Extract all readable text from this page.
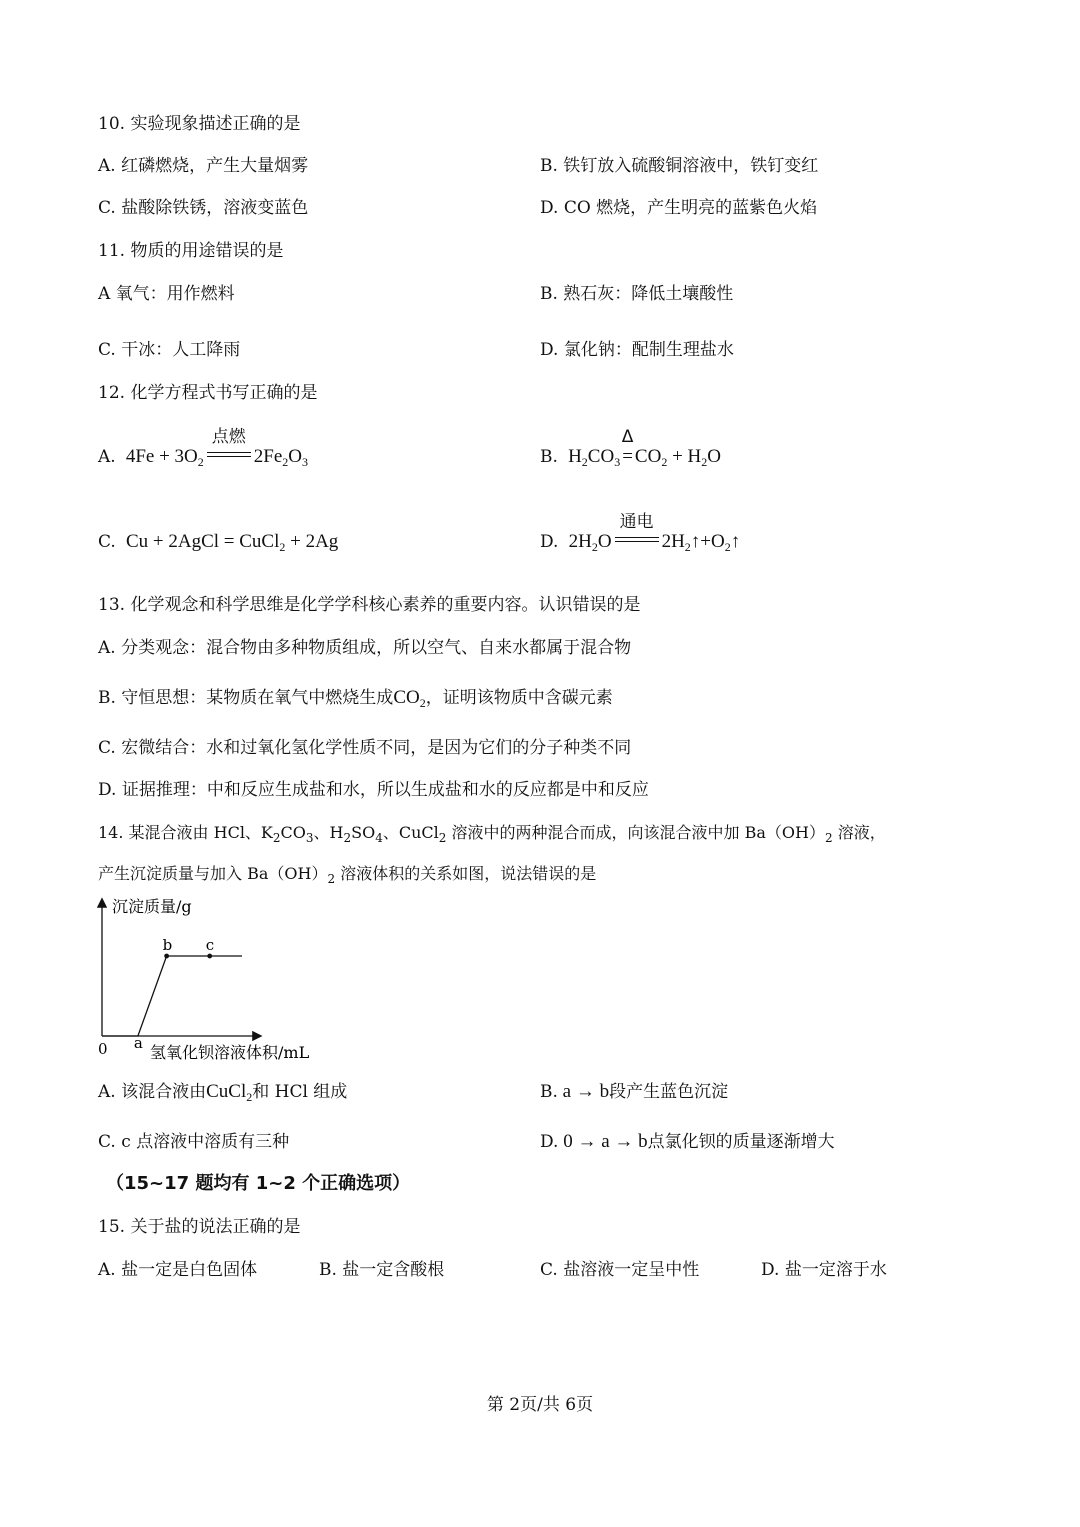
10. 实验现象描述正确的是
A. 红磷燃烧，产生大量烟雾	B. 铁钉放入硫酸铜溶液中，铁钉变红
C. 盐酸除铁锈，溶液变蓝色	D. CO 燃烧，产生明亮的蓝紫色火焰
11. 物质的用途错误的是
A 氧气：用作燃料	B. 熟石灰：降低土壤酸性
C. 干冰：人工降雨	D. 氯化钠：配制生理盐水
12. 化学方程式书写正确的是
A.  $4Fe + 3O_2$
点燃
$2Fe_2O_3$	B.  $H_2CO_3$
Δ
= $CO_2 + H_2O$
C.  Cu + 2AgCl = CuCl$_2$ + 2Ag	D.  $2H_2O$
通电
$2H_2↑+O_2↑$
13. 化学观念和科学思维是化学学科核心素养的重要内容。认识错误的是
A. 分类观念：混合物由多种物质组成，所以空气、自来水都属于混合物
B. 守恒思想：某物质在氧气中燃烧生成$CO_2$，证明该物质中含碳元素
C. 宏微结合：水和过氧化氢化学性质不同，是因为它们的分子种类不同
D. 证据推理：中和反应生成盐和水，所以生成盐和水的反应都是中和反应
14. 某混合液由 HCl、$K_2CO_3$、$H_2SO_4$、CuCl$_2$ 溶液中的两种混合而成，向该混合液中加 $Ba(OH)_2$ 溶液，
产生沉淀质量与加入 $Ba(OH)_2$ 溶液体积的关系如图，说法错误的是
沉淀质量/g
0	氢氧化钡溶液体积/mL
a
b c
A. 该混合液由CuCl$_2$和 HCl 组成	B. a → b段产生蓝色沉淀
C. c 点溶液中溶质有三种	D. 0 → a → b点氯化钡的质量逐渐增大
（15~17 题均有 1~2 个正确选项）
15. 关于盐的说法正确的是
A. 盐一定是白色固体	B. 盐一定含酸根	C. 盐溶液一定呈中性	D. 盐一定溶于水
第 2页/共 6页
